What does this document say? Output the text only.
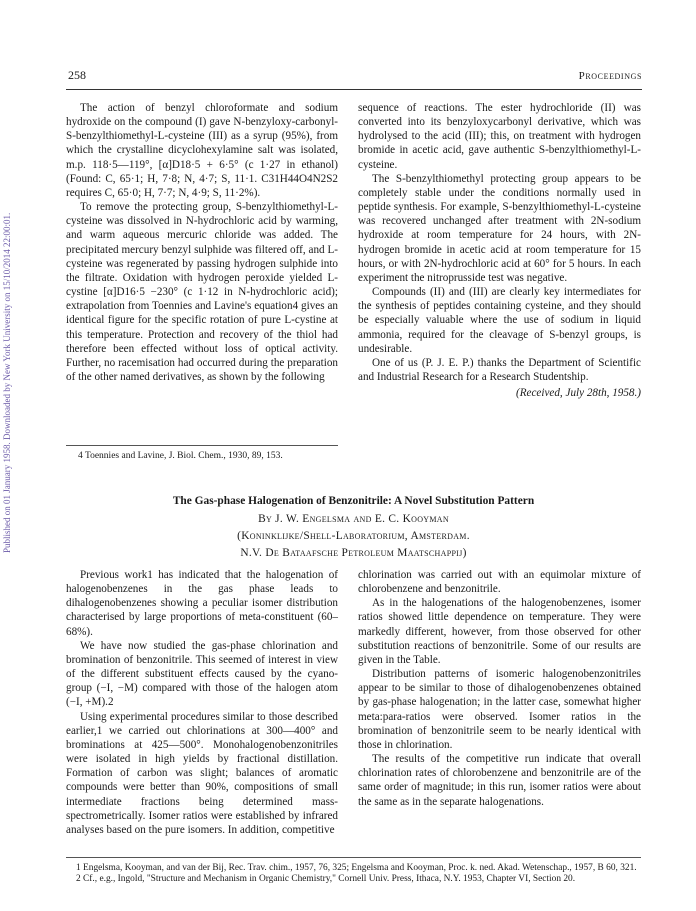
Published on 01 January 1958. Downloaded by New York University on 15/10/2014 22:00:01.
258	Proceedings

The action of benzyl chloroformate and sodium hydroxide on the compound (I) gave N-benzyloxy-carbonyl-S-benzylthiomethyl-L-cysteine (III) as a syrup (95%), from which the crystalline dicyclohexylamine salt was isolated, m.p. 118·5—119°, [α]D18·5 + 6·5° (c 1·27 in ethanol) (Found: C, 65·1; H, 7·8; N, 4·7; S, 11·1. C31H44O4N2S2 requires C, 65·0; H, 7·7; N, 4·9; S, 11·2%).

To remove the protecting group, S-benzylthiomethyl-L-cysteine was dissolved in N-hydrochloric acid by warming, and warm aqueous mercuric chloride was added. The precipitated mercury benzyl sulphide was filtered off, and L-cysteine was regenerated by passing hydrogen sulphide into the filtrate. Oxidation with hydrogen peroxide yielded L-cystine [α]D16·5 −230° (c 1·12 in N-hydrochloric acid); extrapolation from Toennies and Lavine's equation4 gives an identical figure for the specific rotation of pure L-cystine at this temperature. Protection and recovery of the thiol had therefore been effected without loss of optical activity. Further, no racemisation had occurred during the preparation of the other named derivatives, as shown by the following

sequence of reactions. The ester hydrochloride (II) was converted into its benzyloxycarbonyl derivative, which was hydrolysed to the acid (III); this, on treatment with hydrogen bromide in acetic acid, gave authentic S-benzylthiomethyl-L-cysteine.

The S-benzylthiomethyl protecting group appears to be completely stable under the conditions normally used in peptide synthesis. For example, S-benzylthiomethyl-L-cysteine was recovered unchanged after treatment with 2N-sodium hydroxide at room temperature for 24 hours, with 2N-hydrogen bromide in acetic acid at room temperature for 15 hours, or with 2N-hydrochloric acid at 60° for 5 hours. In each experiment the nitroprusside test was negative.

Compounds (II) and (III) are clearly key intermediates for the synthesis of peptides containing cysteine, and they should be especially valuable where the use of sodium in liquid ammonia, required for the cleavage of S-benzyl groups, is undesirable.

One of us (P. J. E. P.) thanks the Department of Scientific and Industrial Research for a Research Studentship.

(Received, July 28th, 1958.)
4 Toennies and Lavine, J. Biol. Chem., 1930, 89, 153.
The Gas-phase Halogenation of Benzonitrile: A Novel Substitution Pattern
By J. W. Engelsma and E. C. Kooyman
(Koninklijke/Shell-Laboratorium, Amsterdam.
N.V. De Bataafsche Petroleum Maatschappij)

Previous work1 has indicated that the halogenation of halogenobenzenes in the gas phase leads to dihalogenobenzenes showing a peculiar isomer distribution characterised by large proportions of meta-constituent (60–68%).

We have now studied the gas-phase chlorination and bromination of benzonitrile. This seemed of interest in view of the different substituent effects caused by the cyano-group (−I, −M) compared with those of the halogen atom (−I, +M).2

Using experimental procedures similar to those described earlier,1 we carried out chlorinations at 300—400° and brominations at 425—500°. Monohalogenobenzonitriles were isolated in high yields by fractional distillation. Formation of carbon was slight; balances of aromatic compounds were better than 90%, compositions of small intermediate fractions being determined mass-spectrometrically. Isomer ratios were established by infrared analyses based on the pure isomers. In addition, competitive

chlorination was carried out with an equimolar mixture of chlorobenzene and benzonitrile.

As in the halogenations of the halogenobenzenes, isomer ratios showed little dependence on temperature. They were markedly different, however, from those observed for other substitution reactions of benzonitrile. Some of our results are given in the Table.

Distribution patterns of isomeric halogenobenzonitriles appear to be similar to those of dihalogenobenzenes obtained by gas-phase halogenation; in the latter case, somewhat higher meta:para-ratios were observed. Isomer ratios in the bromination of benzonitrile seem to be nearly identical with those in chlorination.

The results of the competitive run indicate that overall chlorination rates of chlorobenzene and benzonitrile are of the same order of magnitude; in this run, isomer ratios were about the same as in the separate halogenations.

1 Engelsma, Kooyman, and van der Bij, Rec. Trav. chim., 1957, 76, 325; Engelsma and Kooyman, Proc. k. ned. Akad. Wetenschap., 1957, B 60, 321.

2 Cf., e.g., Ingold, "Structure and Mechanism in Organic Chemistry," Cornell Univ. Press, Ithaca, N.Y. 1953, Chapter VI, Section 20.
